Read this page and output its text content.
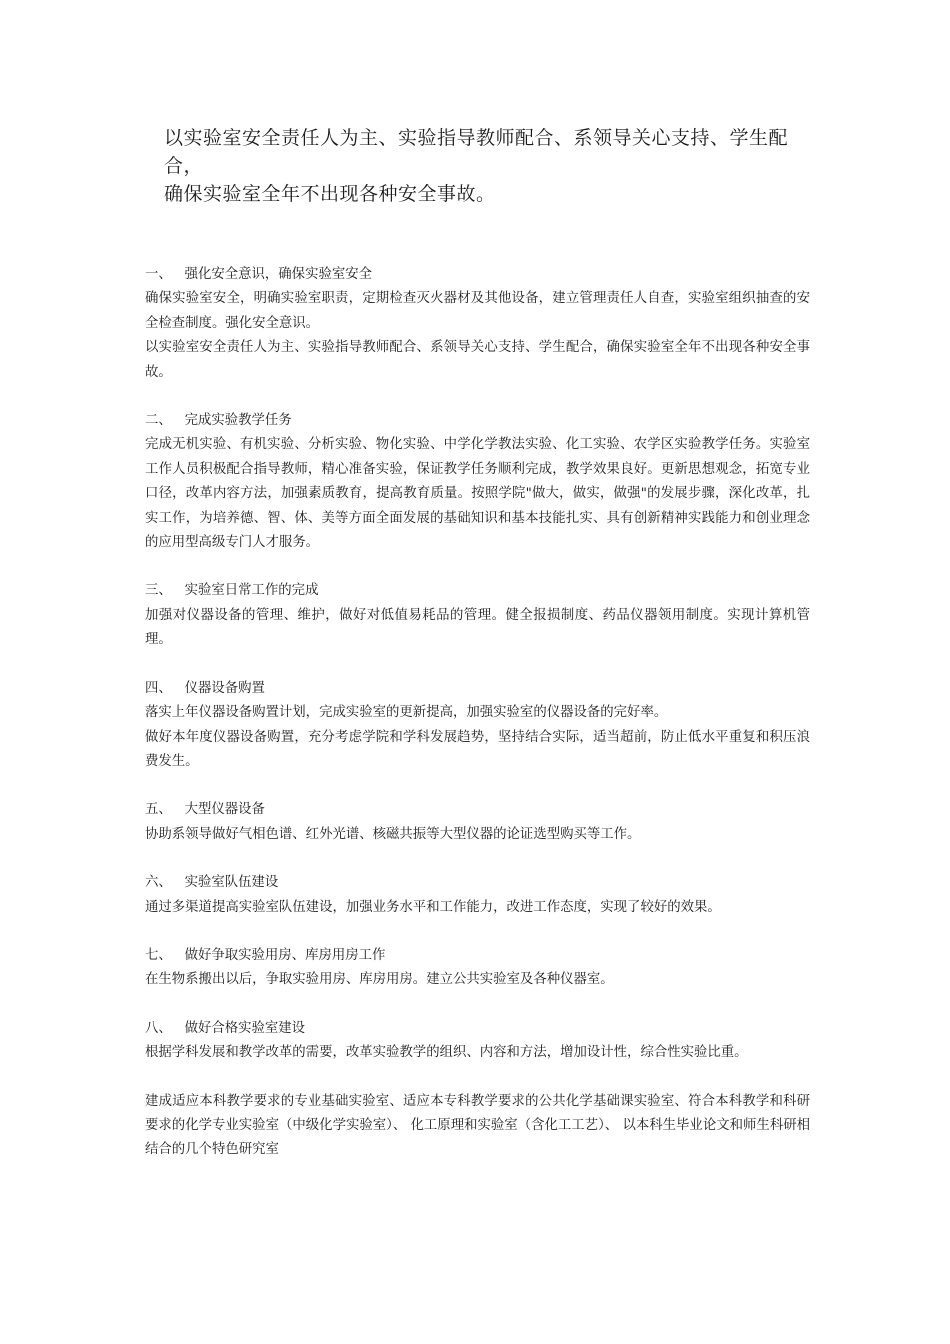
以实验室安全责任人为主、实验指导教师配合、系领导关心支持、学生配合，

确保实验室全年不出现各种安全事故。

一、 强化安全意识，确保实验室安全

确保实验室安全，明确实验室职责，定期检查灭火器材及其他设备，建立管理责任人自查，实验室组织抽查的安全检查制度。强化安全意识。

以实验室安全责任人为主、实验指导教师配合、系领导关心支持、学生配合，确保实验室全年不出现各种安全事故。

二、 完成实验教学任务

完成无机实验、有机实验、分析实验、物化实验、中学化学教法实验、化工实验、农学区实验教学任务。实验室工作人员积极配合指导教师，精心准备实验，保证教学任务顺利完成，教学效果良好。更新思想观念，拓宽专业口径，改革内容方法，加强素质教育，提高教育质量。按照学院"做大，做实，做强"的发展步骤，深化改革，扎实工作，为培养德、智、体、美等方面全面发展的基础知识和基本技能扎实、具有创新精神实践能力和创业理念的应用型高级专门人才服务。

三、 实验室日常工作的完成

加强对仪器设备的管理、维护，做好对低值易耗品的管理。健全报损制度、药品仪器领用制度。实现计算机管理。

四、 仪器设备购置

落实上年仪器设备购置计划，完成实验室的更新提高，加强实验室的仪器设备的完好率。

做好本年度仪器设备购置，充分考虑学院和学科发展趋势，坚持结合实际，适当超前，防止低水平重复和积压浪费发生。

五、 大型仪器设备

协助系领导做好气相色谱、红外光谱、核磁共振等大型仪器的论证选型购买等工作。

六、 实验室队伍建设

通过多渠道提高实验室队伍建设，加强业务水平和工作能力，改进工作态度，实现了较好的效果。

七、 做好争取实验用房、库房用房工作

在生物系搬出以后，争取实验用房、库房用房。建立公共实验室及各种仪器室。

八、 做好合格实验室建设

根据学科发展和教学改革的需要，改革实验教学的组织、内容和方法，增加设计性，综合性实验比重。

建成适应本科教学要求的专业基础实验室、适应本专科教学要求的公共化学基础课实验室、符合本科教学和科研要求的化学专业实验室（中级化学实验室）、 化工原理和实验室（含化工工艺）、 以本科生毕业论文和师生科研相结合的几个特色研究室
